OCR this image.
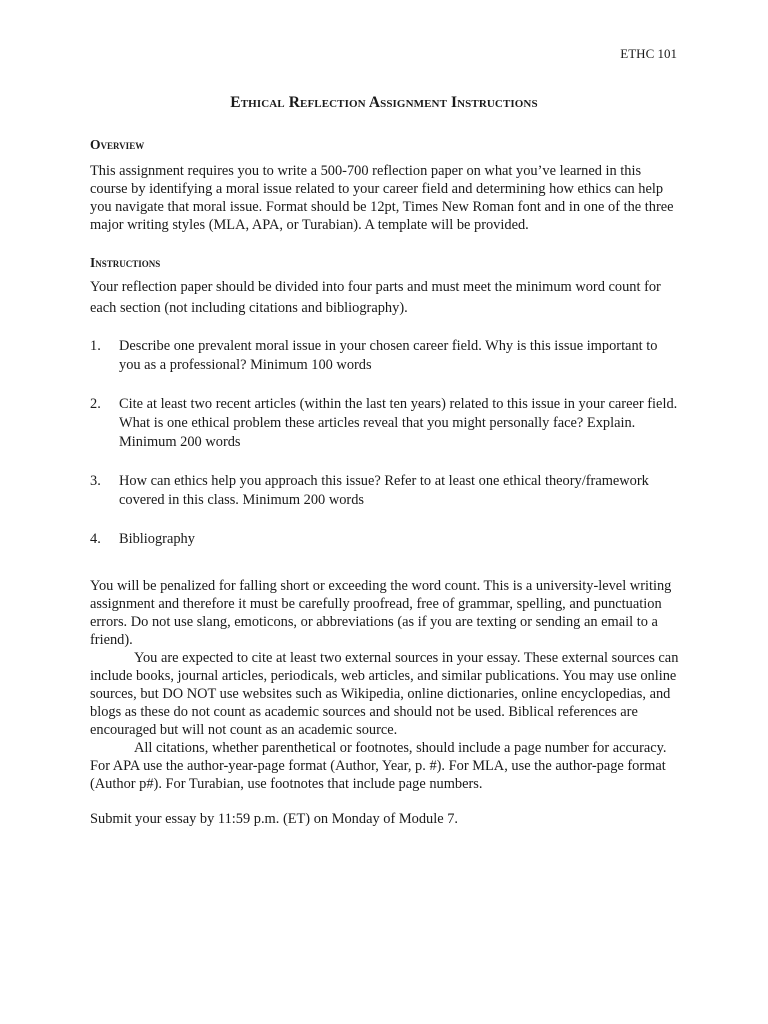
ETHC 101
Ethical Reflection Assignment Instructions
Overview

This assignment requires you to write a 500-700 reflection paper on what you’ve learned in this course by identifying a moral issue related to your career field and determining how ethics can help you navigate that moral issue. Format should be 12pt, Times New Roman font and in one of the three major writing styles (MLA, APA, or Turabian). A template will be provided.

Instructions

Your reflection paper should be divided into four parts and must meet the minimum word count for each section (not including citations and bibliography).

1.	Describe one prevalent moral issue in your chosen career field. Why is this issue important to you as a professional? Minimum 100 words
2.	Cite at least two recent articles (within the last ten years) related to this issue in your career field. What is one ethical problem these articles reveal that you might personally face? Explain. Minimum 200 words
3.	How can ethics help you approach this issue? Refer to at least one ethical theory/framework covered in this class. Minimum 200 words
4.	Bibliography
You will be penalized for falling short or exceeding the word count. This is a university-level writing assignment and therefore it must be carefully proofread, free of grammar, spelling, and punctuation errors. Do not use slang, emoticons, or abbreviations (as if you are texting or sending an email to a friend).
You are expected to cite at least two external sources in your essay. These external sources can include books, journal articles, periodicals, web articles, and similar publications. You may use online sources, but DO NOT use websites such as Wikipedia, online dictionaries, online encyclopedias, and blogs as these do not count as academic sources and should not be used. Biblical references are encouraged but will not count as an academic source.
All citations, whether parenthetical or footnotes, should include a page number for accuracy. For APA use the author-year-page format (Author, Year, p. #). For MLA, use the author-page format (Author p#). For Turabian, use footnotes that include page numbers.

Submit your essay by 11:59 p.m. (ET) on Monday of Module 7.
